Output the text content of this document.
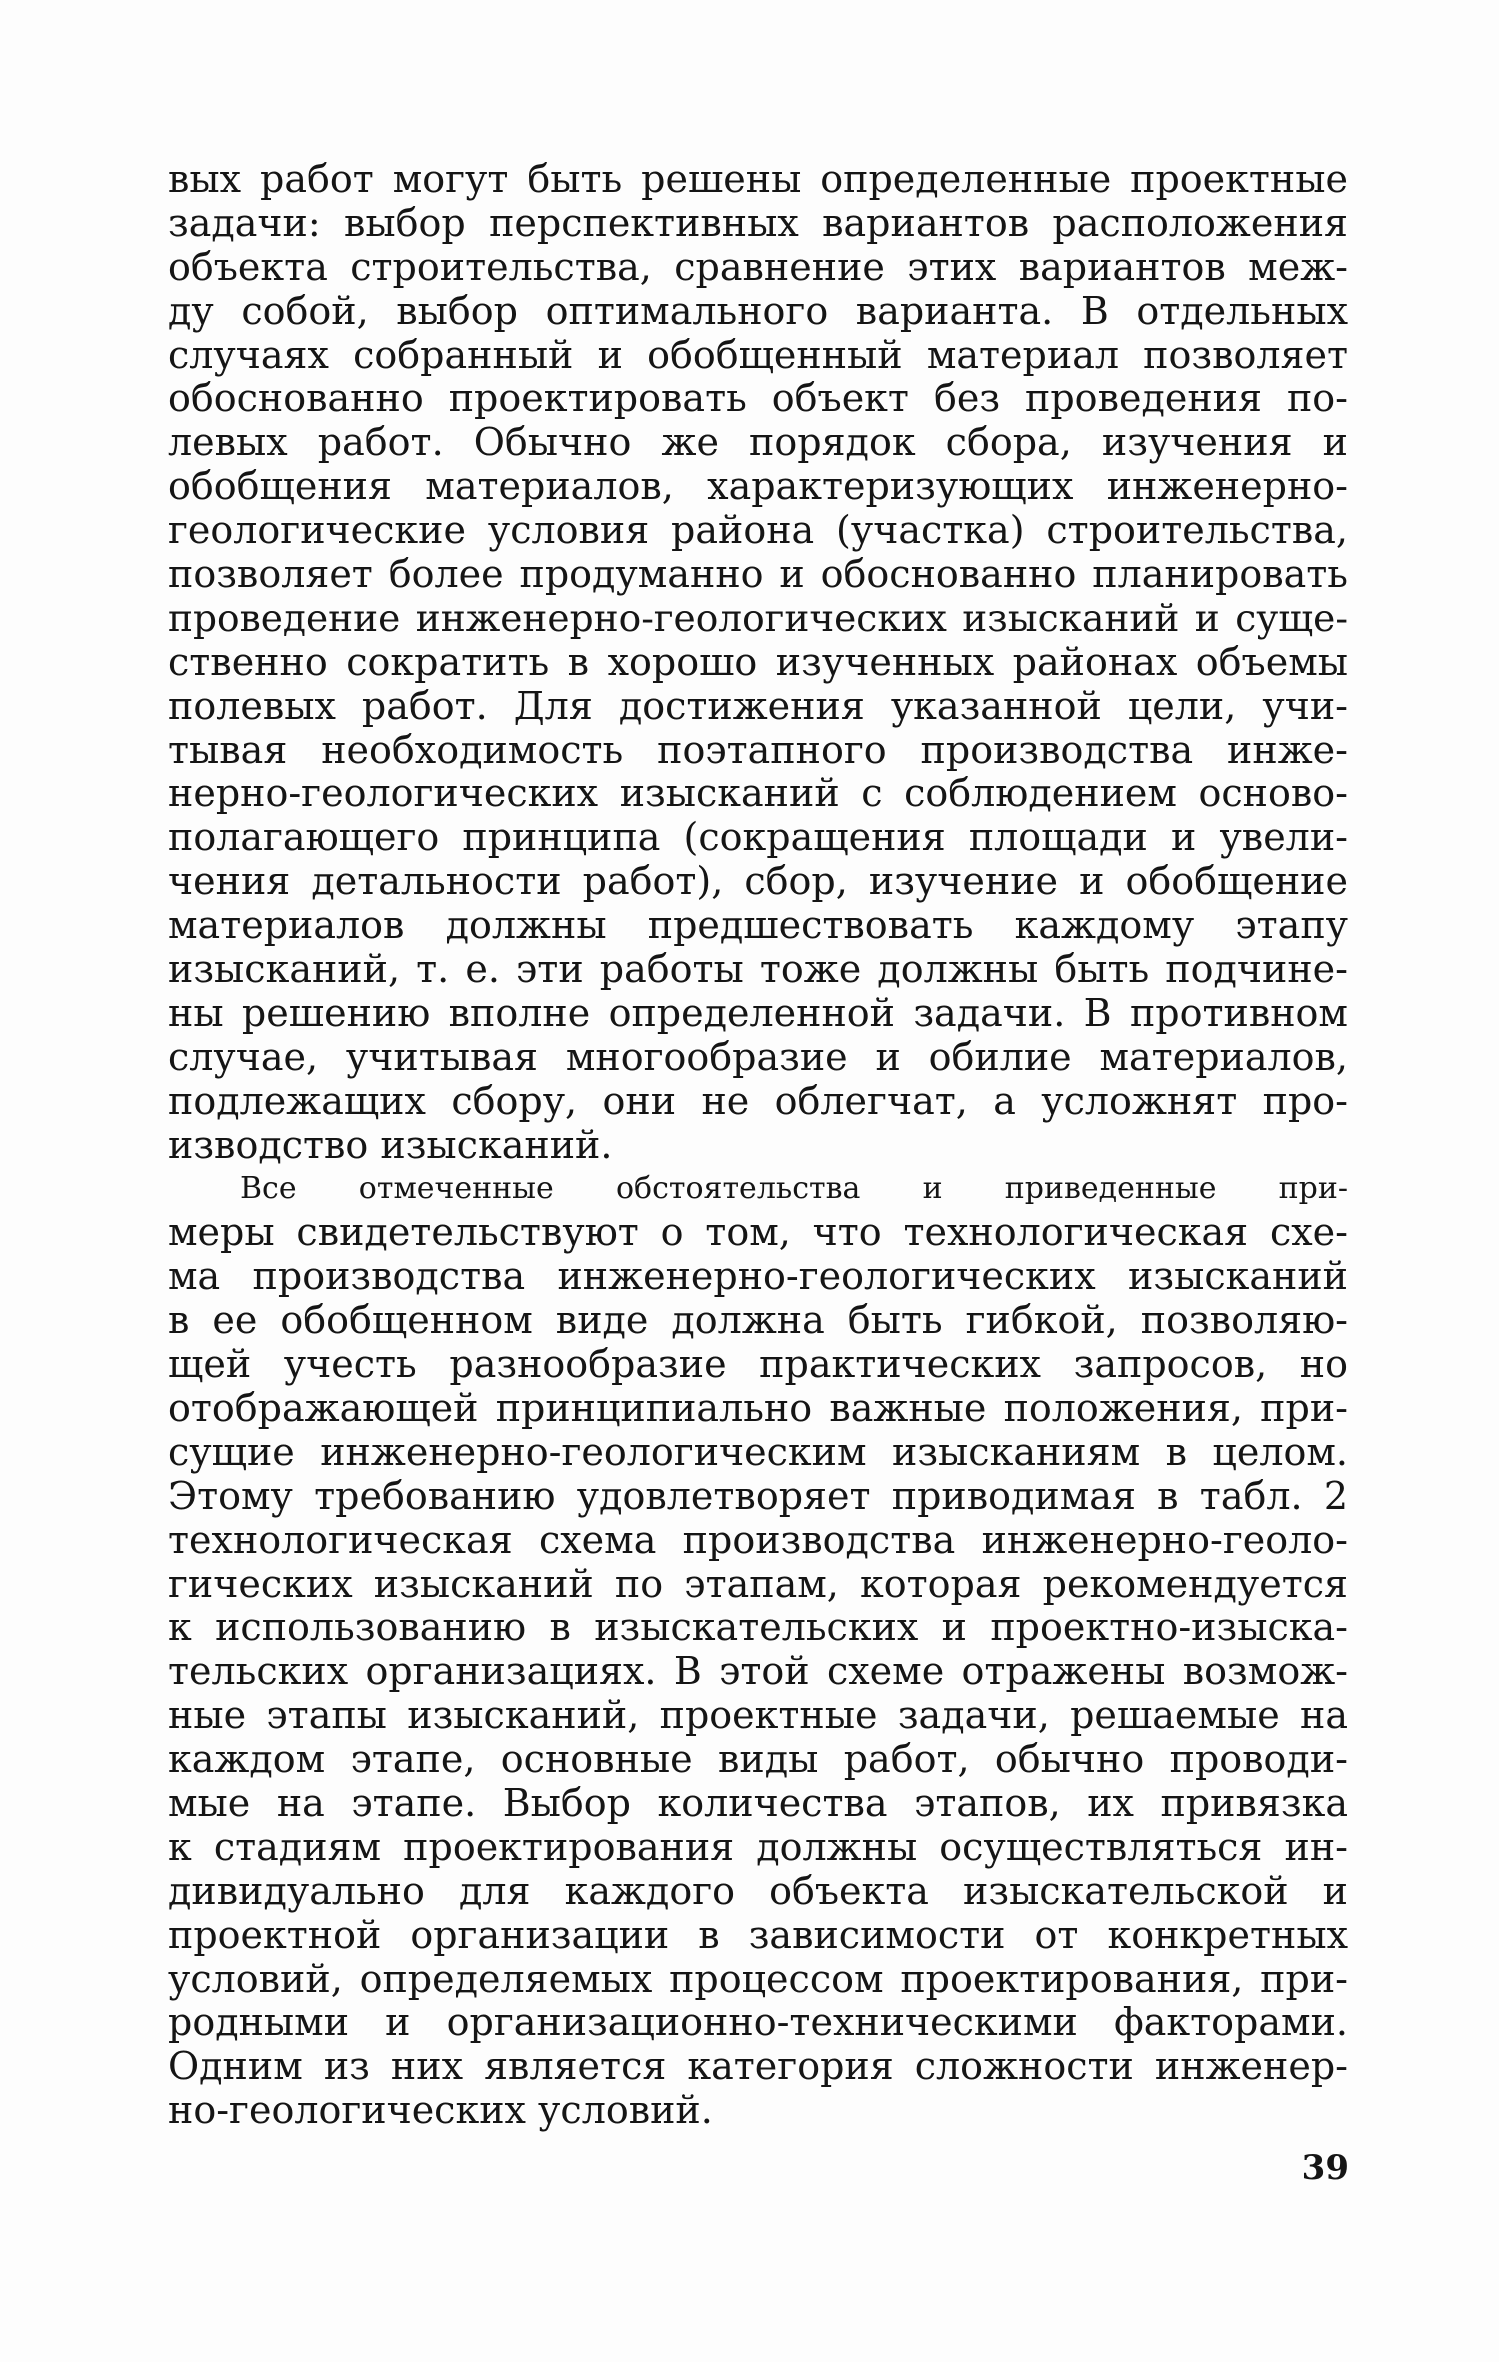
вых работ могут быть решены определенные проектные
задачи: выбор перспективных вариантов расположения
объекта строительства, сравнение этих вариантов меж-
ду собой, выбор оптимального варианта. В отдельных
случаях собранный и обобщенный материал позволяет
обоснованно проектировать объект без проведения по-
левых работ. Обычно же порядок сбора, изучения и
обобщения материалов, характеризующих инженерно-
геологические условия района (участка) строительства,
позволяет более продуманно и обоснованно планировать
проведение инженерно-геологических изысканий и суще-
ственно сократить в хорошо изученных районах объемы
полевых работ. Для достижения указанной цели, учи-
тывая необходимость поэтапного производства инже-
нерно-геологических изысканий с соблюдением осново-
полагающего принципа (сокращения площади и увели-
чения детальности работ), сбор, изучение и обобщение
материалов должны предшествовать каждому этапу
изысканий, т. е. эти работы тоже должны быть подчине-
ны решению вполне определенной задачи. В противном
случае, учитывая многообразие и обилие материалов,
подлежащих сбору, они не облегчат, а усложнят про-
изводство изысканий.
Все отмеченные обстоятельства и приведенные при-
меры свидетельствуют о том, что технологическая схе-
ма производства инженерно-геологических изысканий
в ее обобщенном виде должна быть гибкой, позволяю-
щей учесть разнообразие практических запросов, но
отображающей принципиально важные положения, при-
сущие инженерно-геологическим изысканиям в целом.
Этому требованию удовлетворяет приводимая в табл. 2
технологическая схема производства инженерно-геоло-
гических изысканий по этапам, которая рекомендуется
к использованию в изыскательских и проектно-изыска-
тельских организациях. В этой схеме отражены возмож-
ные этапы изысканий, проектные задачи, решаемые на
каждом этапе, основные виды работ, обычно проводи-
мые на этапе. Выбор количества этапов, их привязка
к стадиям проектирования должны осуществляться ин-
дивидуально для каждого объекта изыскательской и
проектной организации в зависимости от конкретных
условий, определяемых процессом проектирования, при-
родными и организационно-техническими факторами.
Одним из них является категория сложности инженер-
но-геологических условий.
39
